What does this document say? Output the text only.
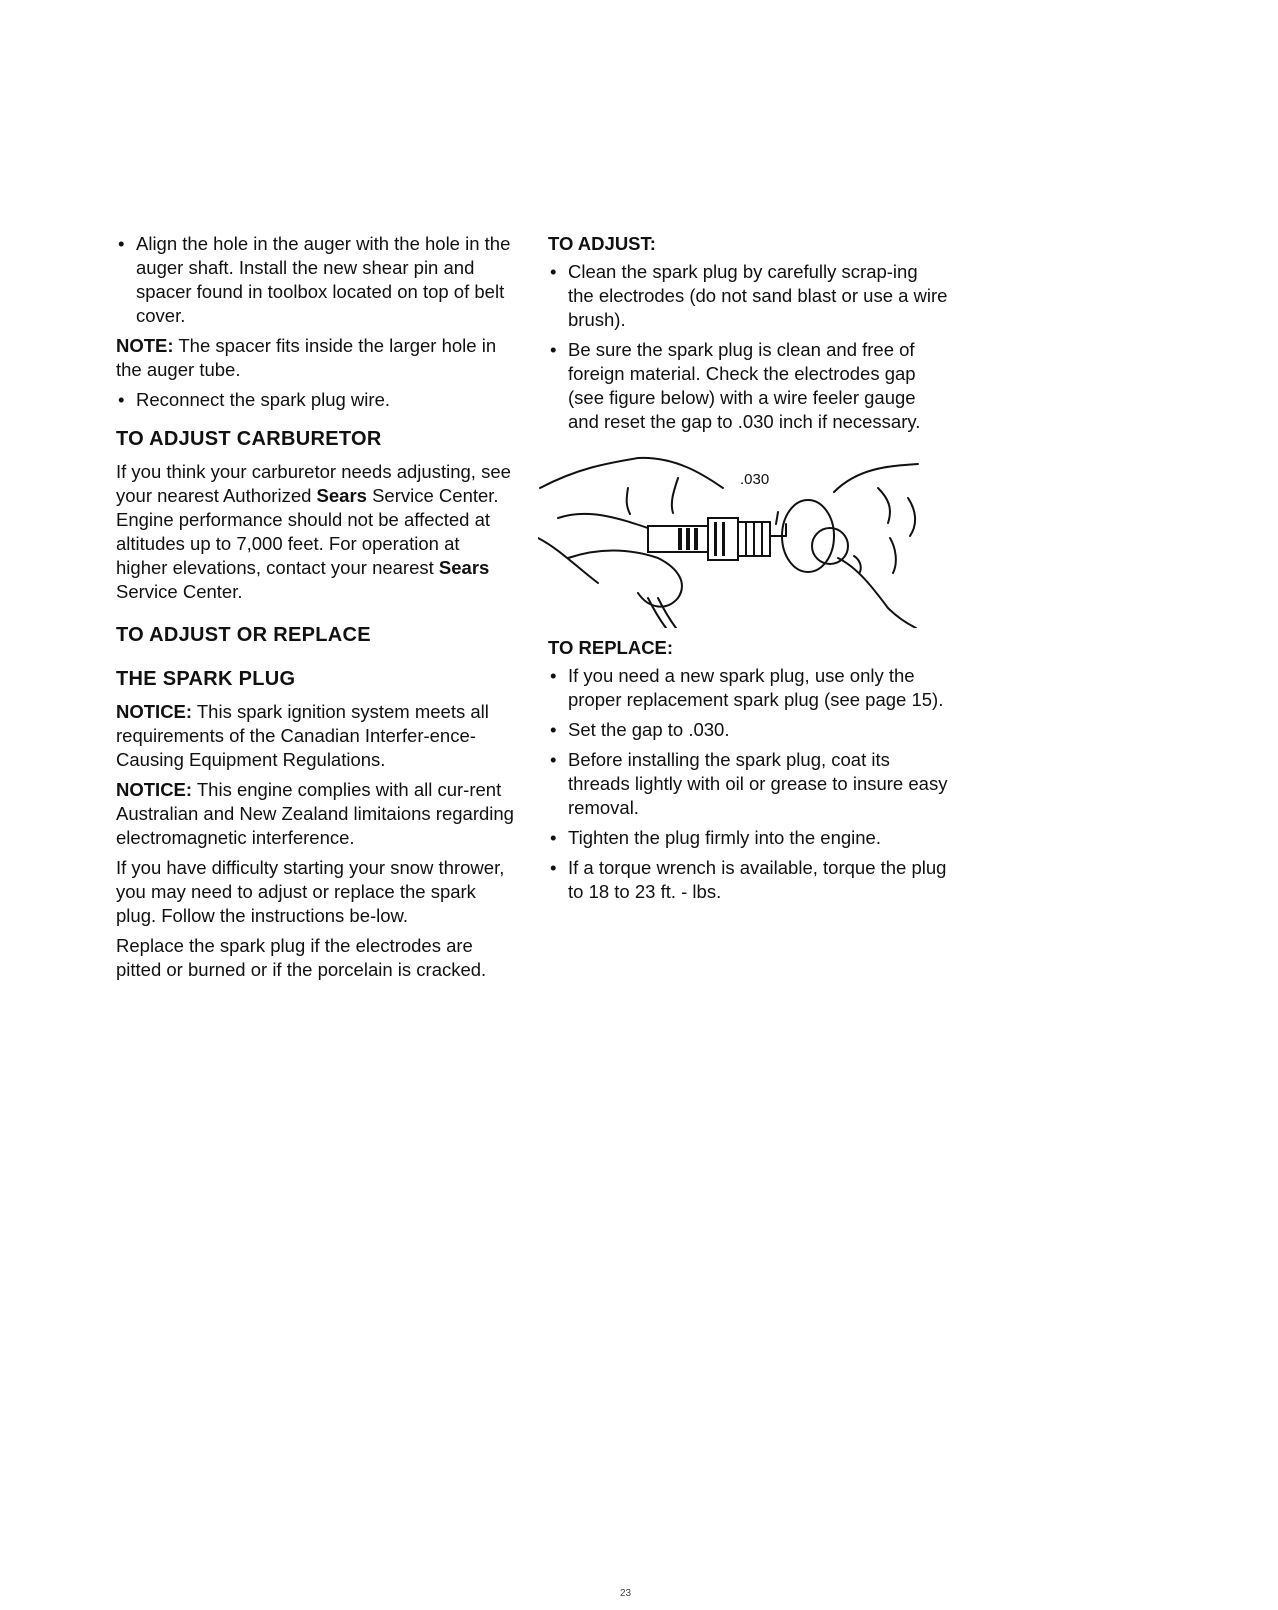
• Align the hole in the auger with the hole in the auger shaft. Install the new shear pin and spacer found in toolbox located on top of belt cover.

NOTE: The spacer fits inside the larger hole in the auger tube.

• Reconnect the spark plug wire.
TO ADJUST CARBURETOR

If you think your carburetor needs adjusting, see your nearest Authorized Sears Service Center. Engine performance should not be affected at altitudes up to 7,000 feet. For operation at higher elevations, contact your nearest Sears Service Center.

TO ADJUST OR REPLACE
THE SPARK PLUG

NOTICE: This spark ignition system meets all requirements of the Canadian Interfer-ence-Causing Equipment Regulations.

NOTICE: This engine complies with all cur-rent Australian and New Zealand limitaions regarding electromagnetic interference.

If you have difficulty starting your snow thrower, you may need to adjust or replace the spark plug. Follow the instructions be-low.

Replace the spark plug if the electrodes are pitted or burned or if the porcelain is cracked.

TO ADJUST:
• Clean the spark plug by carefully scrap-ing the electrodes (do not sand blast or use a wire brush).
• Be sure the spark plug is clean and free of foreign material. Check the electrodes gap (see figure below) with a wire feeler gauge and reset the gap to .030 inch if necessary.
.030
TO REPLACE:
• If you need a new spark plug, use only the proper replacement spark plug (see page 15).
• Set the gap to .030.
• Before installing the spark plug, coat its threads lightly with oil or grease to insure easy removal.
• Tighten the plug firmly into the engine.
• If a torque wrench is available, torque the plug to 18 to 23 ft. - lbs.
23
